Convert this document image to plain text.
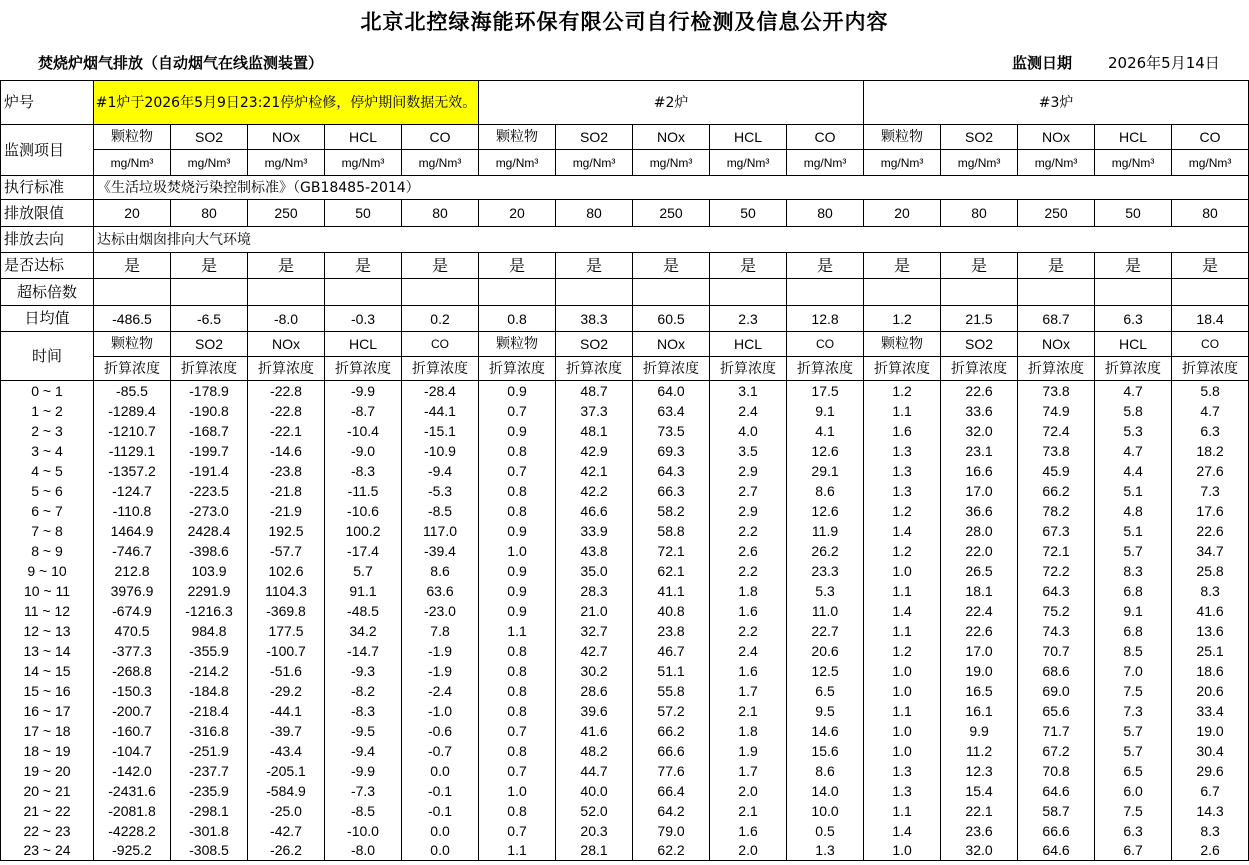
北京北控绿海能环保有限公司自行检测及信息公开内容
焚烧炉烟气排放（自动烟气在线监测装置）	监测日期 2026年5月14日
炉号	#1炉于2026年5月9日23:21停炉检修，停炉期间数据无效。					#2炉					#3炉				
监测项目	颗粒物	SO2	NOx	HCL	CO	颗粒物	SO2	NOx	HCL	CO	颗粒物	SO2	NOx	HCL	CO
	mg/Nm³	mg/Nm³	mg/Nm³	mg/Nm³	mg/Nm³	mg/Nm³	mg/Nm³	mg/Nm³	mg/Nm³	mg/Nm³	mg/Nm³	mg/Nm³	mg/Nm³	mg/Nm³	mg/Nm³
执行标准	《生活垃圾焚烧污染控制标准》（GB18485-2014）														
排放限值	20	80	250	50	80	20	80	250	50	80	20	80	250	50	80
排放去向	达标由烟囱排向大气环境														
是否达标	是	是	是	是	是	是	是	是	是	是	是	是	是	是	是
超标倍数															
日均值	-486.5	-6.5	-8.0	-0.3	0.2	0.8	38.3	60.5	2.3	12.8	1.2	21.5	68.7	6.3	18.4
时间	颗粒物	SO2	NOx	HCL	CO	颗粒物	SO2	NOx	HCL	CO	颗粒物	SO2	NOx	HCL	CO
	折算浓度	折算浓度	折算浓度	折算浓度	折算浓度	折算浓度	折算浓度	折算浓度	折算浓度	折算浓度	折算浓度	折算浓度	折算浓度	折算浓度	折算浓度
0 ~ 1	-85.5	-178.9	-22.8	-9.9	-28.4	0.9	48.7	64.0	3.1	17.5	1.2	22.6	73.8	4.7	5.8
1 ~ 2	-1289.4	-190.8	-22.8	-8.7	-44.1	0.7	37.3	63.4	2.4	9.1	1.1	33.6	74.9	5.8	4.7
2 ~ 3	-1210.7	-168.7	-22.1	-10.4	-15.1	0.9	48.1	73.5	4.0	4.1	1.6	32.0	72.4	5.3	6.3
3 ~ 4	-1129.1	-199.7	-14.6	-9.0	-10.9	0.8	42.9	69.3	3.5	12.6	1.3	23.1	73.8	4.7	18.2
4 ~ 5	-1357.2	-191.4	-23.8	-8.3	-9.4	0.7	42.1	64.3	2.9	29.1	1.3	16.6	45.9	4.4	27.6
5 ~ 6	-124.7	-223.5	-21.8	-11.5	-5.3	0.8	42.2	66.3	2.7	8.6	1.3	17.0	66.2	5.1	7.3
6 ~ 7	-110.8	-273.0	-21.9	-10.6	-8.5	0.8	46.6	58.2	2.9	12.6	1.2	36.6	78.2	4.8	17.6
7 ~ 8	1464.9	2428.4	192.5	100.2	117.0	0.9	33.9	58.8	2.2	11.9	1.4	28.0	67.3	5.1	22.6
8 ~ 9	-746.7	-398.6	-57.7	-17.4	-39.4	1.0	43.8	72.1	2.6	26.2	1.2	22.0	72.1	5.7	34.7
9 ~ 10	212.8	103.9	102.6	5.7	8.6	0.9	35.0	62.1	2.2	23.3	1.0	26.5	72.2	8.3	25.8
10 ~ 11	3976.9	2291.9	1104.3	91.1	63.6	0.9	28.3	41.1	1.8	5.3	1.1	18.1	64.3	6.8	8.3
11 ~ 12	-674.9	-1216.3	-369.8	-48.5	-23.0	0.9	21.0	40.8	1.6	11.0	1.4	22.4	75.2	9.1	41.6
12 ~ 13	470.5	984.8	177.5	34.2	7.8	1.1	32.7	23.8	2.2	22.7	1.1	22.6	74.3	6.8	13.6
13 ~ 14	-377.3	-355.9	-100.7	-14.7	-1.9	0.8	42.7	46.7	2.4	20.6	1.2	17.0	70.7	8.5	25.1
14 ~ 15	-268.8	-214.2	-51.6	-9.3	-1.9	0.8	30.2	51.1	1.6	12.5	1.0	19.0	68.6	7.0	18.6
15 ~ 16	-150.3	-184.8	-29.2	-8.2	-2.4	0.8	28.6	55.8	1.7	6.5	1.0	16.5	69.0	7.5	20.6
16 ~ 17	-200.7	-218.4	-44.1	-8.3	-1.0	0.8	39.6	57.2	2.1	9.5	1.1	16.1	65.6	7.3	33.4
17 ~ 18	-160.7	-316.8	-39.7	-9.5	-0.6	0.7	41.6	66.2	1.8	14.6	1.0	9.9	71.7	5.7	19.0
18 ~ 19	-104.7	-251.9	-43.4	-9.4	-0.7	0.8	48.2	66.6	1.9	15.6	1.0	11.2	67.2	5.7	30.4
19 ~ 20	-142.0	-237.7	-205.1	-9.9	0.0	0.7	44.7	77.6	1.7	8.6	1.3	12.3	70.8	6.5	29.6
20 ~ 21	-2431.6	-235.9	-584.9	-7.3	-0.1	1.0	40.0	66.4	2.0	14.0	1.3	15.4	64.6	6.0	6.7
21 ~ 22	-2081.8	-298.1	-25.0	-8.5	-0.1	0.8	52.0	64.2	2.1	10.0	1.1	22.1	58.7	7.5	14.3
22 ~ 23	-4228.2	-301.8	-42.7	-10.0	0.0	0.7	20.3	79.0	1.6	0.5	1.4	23.6	66.6	6.3	8.3
23 ~ 24	-925.2	-308.5	-26.2	-8.0	0.0	1.1	28.1	62.2	2.0	1.3	1.0	32.0	64.6	6.7	2.6
